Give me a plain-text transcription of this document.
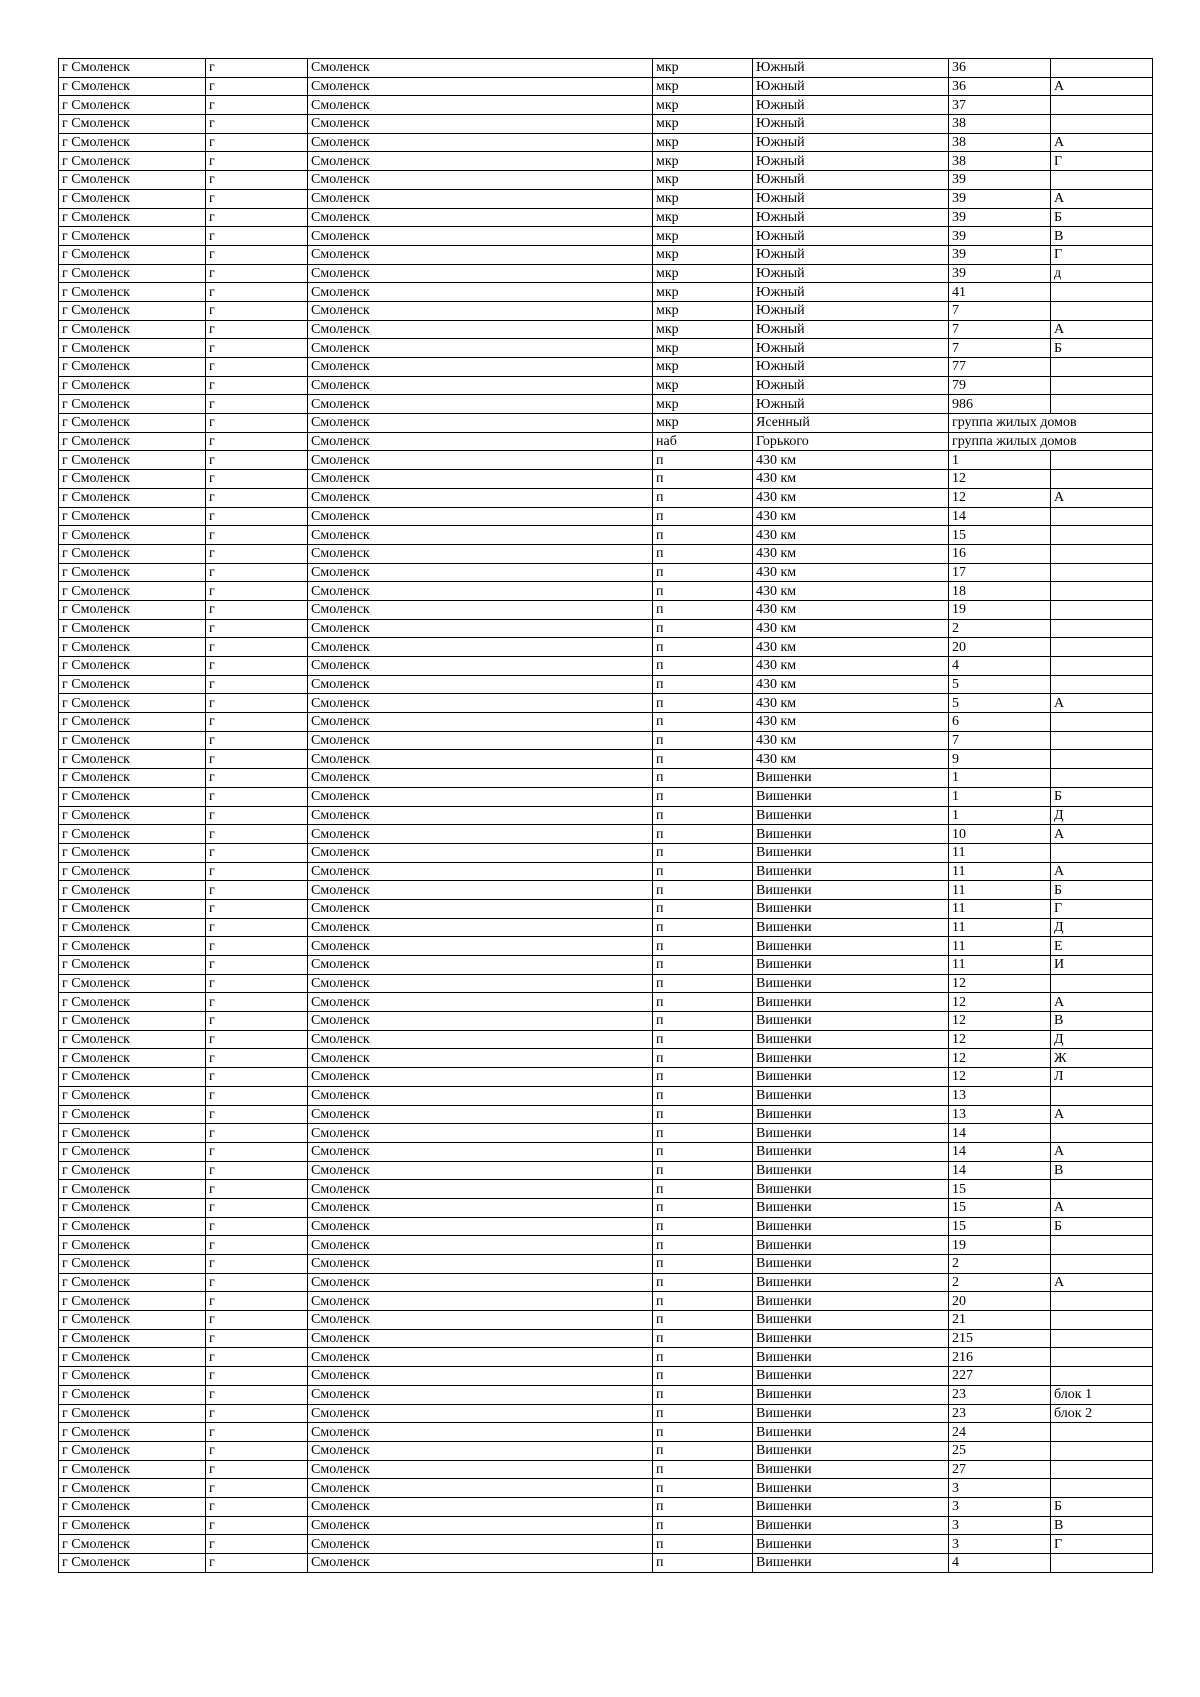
г Смоленск	г	Смоленск	мкр	Южный	36	
г Смоленск	г	Смоленск	мкр	Южный	36	А
г Смоленск	г	Смоленск	мкр	Южный	37	
г Смоленск	г	Смоленск	мкр	Южный	38	
г Смоленск	г	Смоленск	мкр	Южный	38	А
г Смоленск	г	Смоленск	мкр	Южный	38	Г
г Смоленск	г	Смоленск	мкр	Южный	39	
г Смоленск	г	Смоленск	мкр	Южный	39	А
г Смоленск	г	Смоленск	мкр	Южный	39	Б
г Смоленск	г	Смоленск	мкр	Южный	39	В
г Смоленск	г	Смоленск	мкр	Южный	39	Г
г Смоленск	г	Смоленск	мкр	Южный	39	д
г Смоленск	г	Смоленск	мкр	Южный	41	
г Смоленск	г	Смоленск	мкр	Южный	7	
г Смоленск	г	Смоленск	мкр	Южный	7	А
г Смоленск	г	Смоленск	мкр	Южный	7	Б
г Смоленск	г	Смоленск	мкр	Южный	77	
г Смоленск	г	Смоленск	мкр	Южный	79	
г Смоленск	г	Смоленск	мкр	Южный	986	
г Смоленск	г	Смоленск	мкр	Ясенный	группа жилых домов	
г Смоленск	г	Смоленск	наб	Горького	группа жилых домов	
г Смоленск	г	Смоленск	п	430 км	1	
г Смоленск	г	Смоленск	п	430 км	12	
г Смоленск	г	Смоленск	п	430 км	12	А
г Смоленск	г	Смоленск	п	430 км	14	
г Смоленск	г	Смоленск	п	430 км	15	
г Смоленск	г	Смоленск	п	430 км	16	
г Смоленск	г	Смоленск	п	430 км	17	
г Смоленск	г	Смоленск	п	430 км	18	
г Смоленск	г	Смоленск	п	430 км	19	
г Смоленск	г	Смоленск	п	430 км	2	
г Смоленск	г	Смоленск	п	430 км	20	
г Смоленск	г	Смоленск	п	430 км	4	
г Смоленск	г	Смоленск	п	430 км	5	
г Смоленск	г	Смоленск	п	430 км	5	А
г Смоленск	г	Смоленск	п	430 км	6	
г Смоленск	г	Смоленск	п	430 км	7	
г Смоленск	г	Смоленск	п	430 км	9	
г Смоленск	г	Смоленск	п	Вишенки	1	
г Смоленск	г	Смоленск	п	Вишенки	1	Б
г Смоленск	г	Смоленск	п	Вишенки	1	Д
г Смоленск	г	Смоленск	п	Вишенки	10	А
г Смоленск	г	Смоленск	п	Вишенки	11	
г Смоленск	г	Смоленск	п	Вишенки	11	А
г Смоленск	г	Смоленск	п	Вишенки	11	Б
г Смоленск	г	Смоленск	п	Вишенки	11	Г
г Смоленск	г	Смоленск	п	Вишенки	11	Д
г Смоленск	г	Смоленск	п	Вишенки	11	Е
г Смоленск	г	Смоленск	п	Вишенки	11	И
г Смоленск	г	Смоленск	п	Вишенки	12	
г Смоленск	г	Смоленск	п	Вишенки	12	А
г Смоленск	г	Смоленск	п	Вишенки	12	В
г Смоленск	г	Смоленск	п	Вишенки	12	Д
г Смоленск	г	Смоленск	п	Вишенки	12	Ж
г Смоленск	г	Смоленск	п	Вишенки	12	Л
г Смоленск	г	Смоленск	п	Вишенки	13	
г Смоленск	г	Смоленск	п	Вишенки	13	А
г Смоленск	г	Смоленск	п	Вишенки	14	
г Смоленск	г	Смоленск	п	Вишенки	14	А
г Смоленск	г	Смоленск	п	Вишенки	14	В
г Смоленск	г	Смоленск	п	Вишенки	15	
г Смоленск	г	Смоленск	п	Вишенки	15	А
г Смоленск	г	Смоленск	п	Вишенки	15	Б
г Смоленск	г	Смоленск	п	Вишенки	19	
г Смоленск	г	Смоленск	п	Вишенки	2	
г Смоленск	г	Смоленск	п	Вишенки	2	А
г Смоленск	г	Смоленск	п	Вишенки	20	
г Смоленск	г	Смоленск	п	Вишенки	21	
г Смоленск	г	Смоленск	п	Вишенки	215	
г Смоленск	г	Смоленск	п	Вишенки	216	
г Смоленск	г	Смоленск	п	Вишенки	227	
г Смоленск	г	Смоленск	п	Вишенки	23	блок 1
г Смоленск	г	Смоленск	п	Вишенки	23	блок 2
г Смоленск	г	Смоленск	п	Вишенки	24	
г Смоленск	г	Смоленск	п	Вишенки	25	
г Смоленск	г	Смоленск	п	Вишенки	27	
г Смоленск	г	Смоленск	п	Вишенки	3	
г Смоленск	г	Смоленск	п	Вишенки	3	Б
г Смоленск	г	Смоленск	п	Вишенки	3	В
г Смоленск	г	Смоленск	п	Вишенки	3	Г
г Смоленск	г	Смоленск	п	Вишенки	4	
